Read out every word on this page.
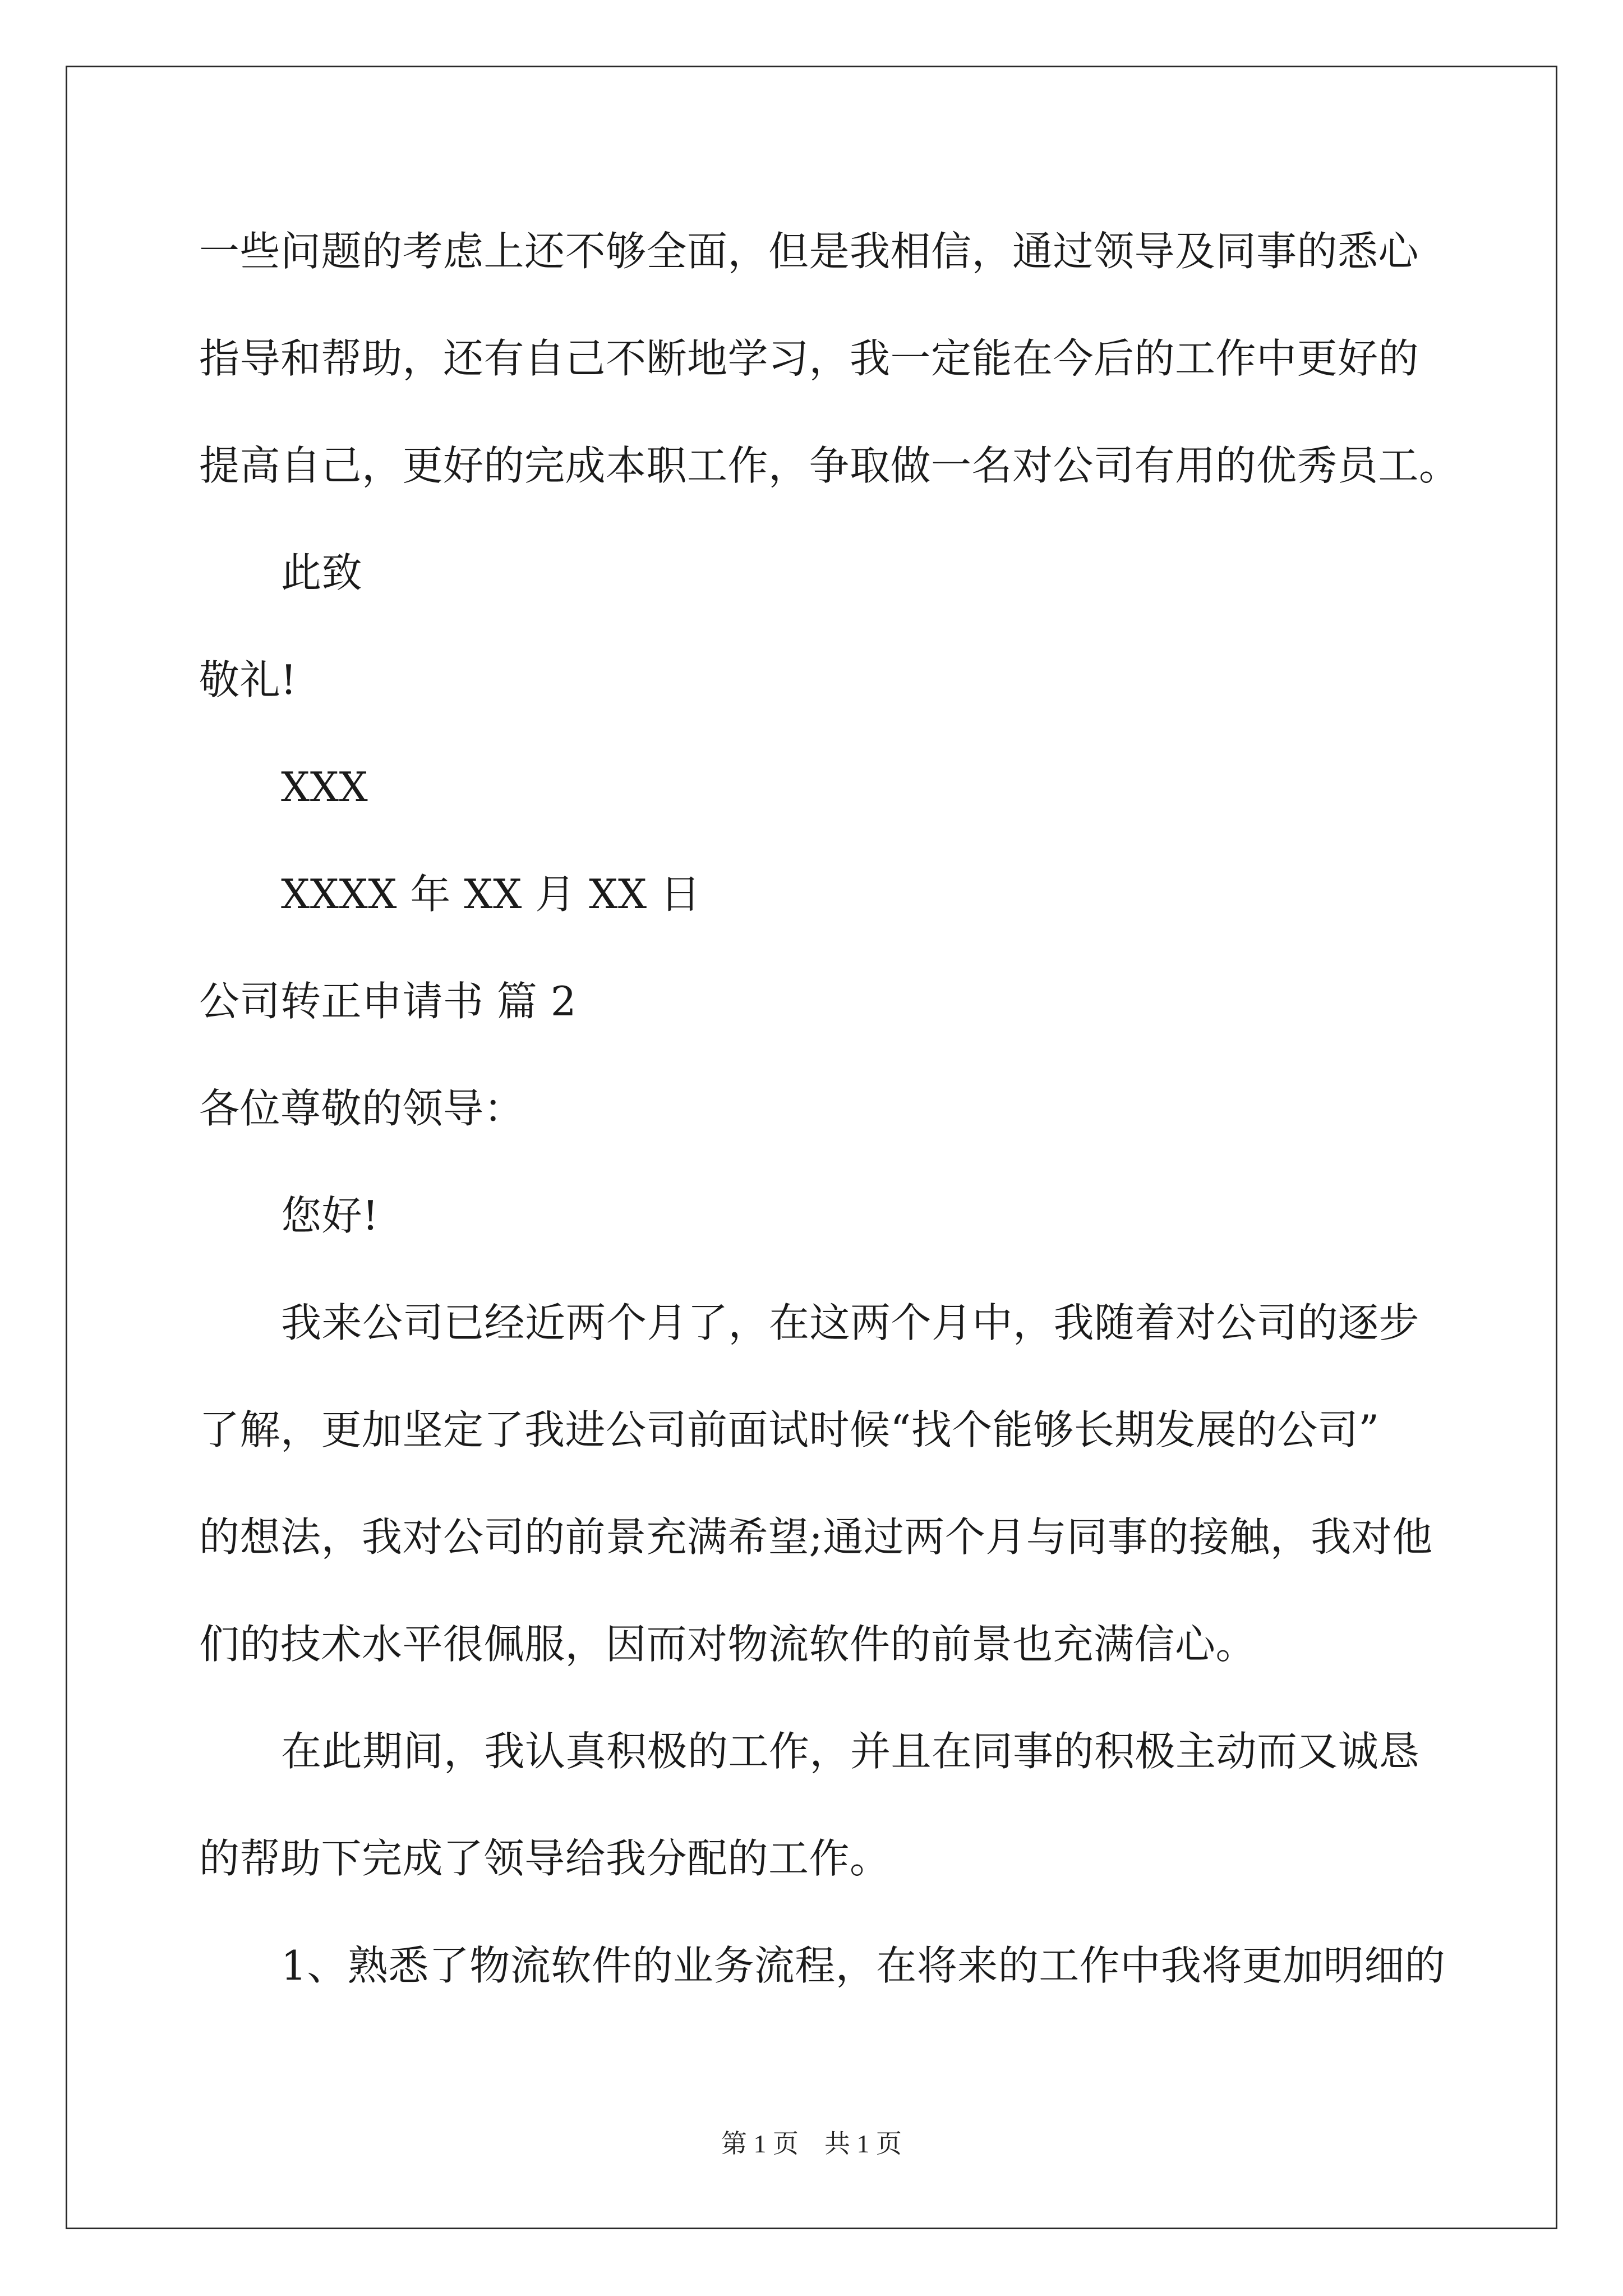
一些问题的考虑上还不够全面，但是我相信，通过领导及同事的悉心
指导和帮助，还有自己不断地学习，我一定能在今后的工作中更好的
提高自己，更好的完成本职工作，争取做一名对公司有用的优秀员工。
此致
敬礼!
XXX
XXXX 年 XX 月 XX 日
公司转正申请书 篇 2
各位尊敬的领导：
您好!
我来公司已经近两个月了，在这两个月中，我随着对公司的逐步
了解，更加坚定了我进公司前面试时候“找个能够长期发展的公司”
的想法，我对公司的前景充满希望;通过两个月与同事的接触，我对他
们的技术水平很佩服，因而对物流软件的前景也充满信心。
在此期间，我认真积极的工作，并且在同事的积极主动而又诚恳
的帮助下完成了领导给我分配的工作。
1、熟悉了物流软件的业务流程，在将来的工作中我将更加明细的
第 1 页 共 1 页
